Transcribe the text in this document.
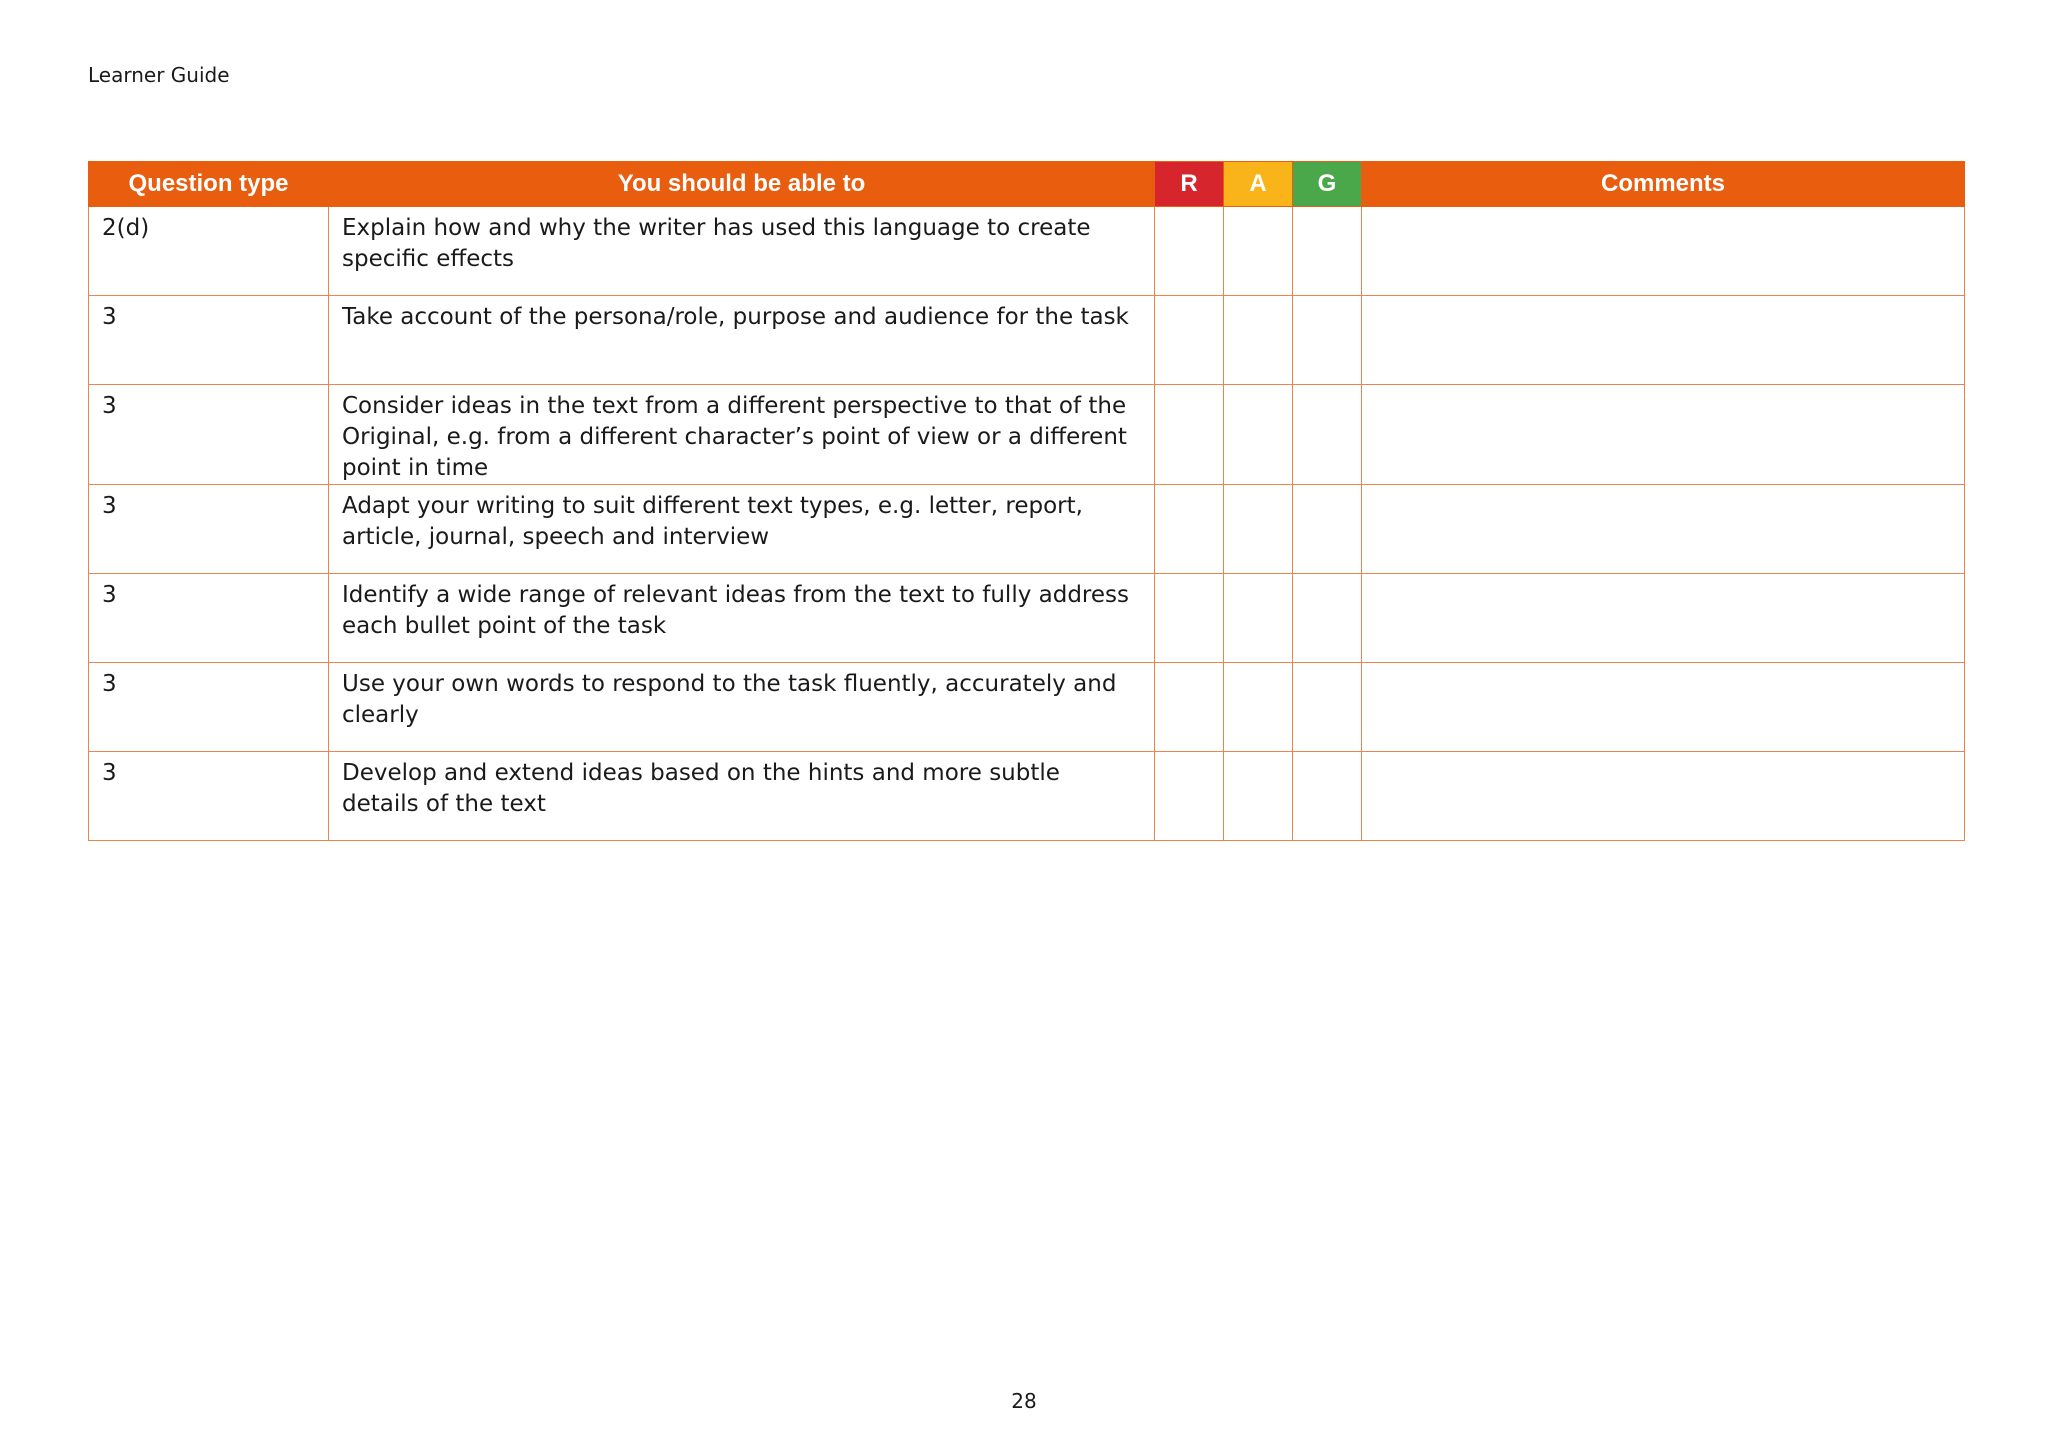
Learner Guide
Question type	You should be able to	R	A	G	Comments
2(d)	Explain how and why the writer has used this language to create specific effects				
3	Take account of the persona/role, purpose and audience for the task				
3	Consider ideas in the text from a different perspective to that of the Original, e.g. from a different character’s point of view or a different point in time				
3	Adapt your writing to suit different text types, e.g. letter, report, article, journal, speech and interview				
3	Identify a wide range of relevant ideas from the text to fully address each bullet point of the task				
3	Use your own words to respond to the task fluently, accurately and clearly				
3	Develop and extend ideas based on the hints and more subtle details of the text				
28
